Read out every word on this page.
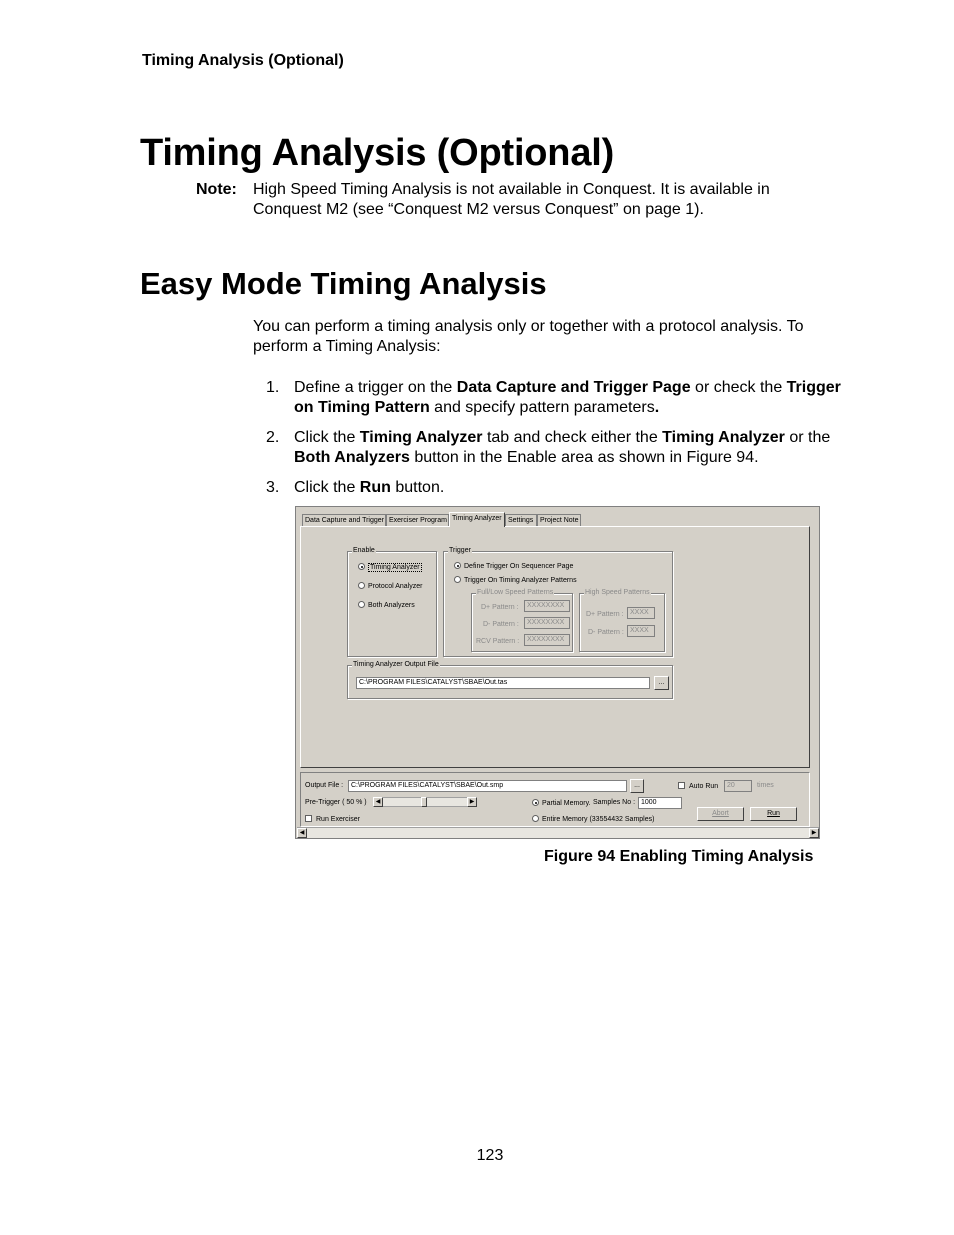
Timing Analysis (Optional)
Timing Analysis (Optional)
Note: High Speed Timing Analysis is not available in Conquest. It is available in Conquest M2 (see “Conquest M2 versus Conquest” on page 1).
Easy Mode Timing Analysis

You can perform a timing analysis only or together with a protocol analysis. To perform a Timing Analysis:

1. Define a trigger on the Data Capture and Trigger Page or check the Trigger on Timing Pattern and specify pattern parameters.
2. Click the Timing Analyzer tab and check either the Timing Analyzer or the Both Analyzers button in the Enable area as shown in Figure 94.
3. Click the Run button.
Data Capture and Trigger Exerciser Program Timing Analyzer Settings Project Note
Enable
Timing Analyzer
Protocol Analyzer
Both Analyzers
Trigger
Define Trigger On Sequencer Page
Trigger On Timing Analyzer Patterns
Full/Low Speed Patterns
D+ Pattern :	XXXXXXXX
D- Pattern :	XXXXXXXX
RCV Pattern :	XXXXXXXX
High Speed Patterns
D+ Pattern : XXXX
D- Pattern : XXXX
Timing Analyzer Output File
C:\PROGRAM FILES\CATALYST\SBAE\Out.tas	...
Output File :	C:\PROGRAM FILES\CATALYST\SBAE\Out.smp	...	Auto Run	20	times
Pre-Trigger ( 50 % )	◀	▶	Partial Memory. Samples No : 1000
Run Exerciser	Entire Memory (33554432 Samples)
Abort	Run
◀	▶
Figure 94 Enabling Timing Analysis
123
